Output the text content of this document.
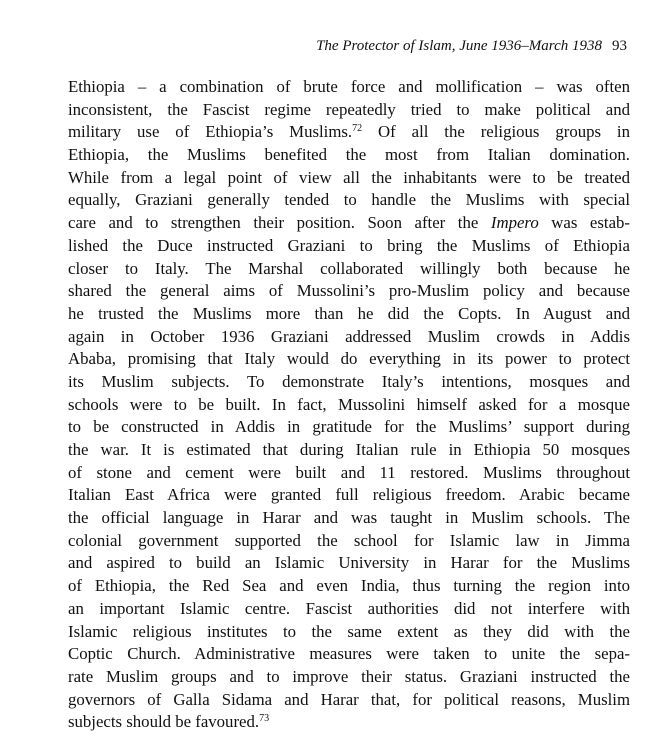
The Protector of Islam, June 1936–March 1938 93
Ethiopia – a combination of brute force and mollification – was often
inconsistent, the Fascist regime repeatedly tried to make political and
military use of Ethiopia’s Muslims.$^{72}$ Of all the religious groups in
Ethiopia, the Muslims benefited the most from Italian domination.
While from a legal point of view all the inhabitants were to be treated
equally, Graziani generally tended to handle the Muslims with special
care and to strengthen their position. Soon after the Impero was estab-
lished the Duce instructed Graziani to bring the Muslims of Ethiopia
closer to Italy. The Marshal collaborated willingly both because he
shared the general aims of Mussolini’s pro-Muslim policy and because
he trusted the Muslims more than he did the Copts. In August and
again in October 1936 Graziani addressed Muslim crowds in Addis
Ababa, promising that Italy would do everything in its power to protect
its Muslim subjects. To demonstrate Italy’s intentions, mosques and
schools were to be built. In fact, Mussolini himself asked for a mosque
to be constructed in Addis in gratitude for the Muslims’ support during
the war. It is estimated that during Italian rule in Ethiopia 50 mosques
of stone and cement were built and 11 restored. Muslims throughout
Italian East Africa were granted full religious freedom. Arabic became
the official language in Harar and was taught in Muslim schools. The
colonial government supported the school for Islamic law in Jimma
and aspired to build an Islamic University in Harar for the Muslims
of Ethiopia, the Red Sea and even India, thus turning the region into
an important Islamic centre. Fascist authorities did not interfere with
Islamic religious institutes to the same extent as they did with the
Coptic Church. Administrative measures were taken to unite the sepa-
rate Muslim groups and to improve their status. Graziani instructed the
governors of Galla Sidama and Harar that, for political reasons, Muslim
subjects should be favoured.$^{73}$
